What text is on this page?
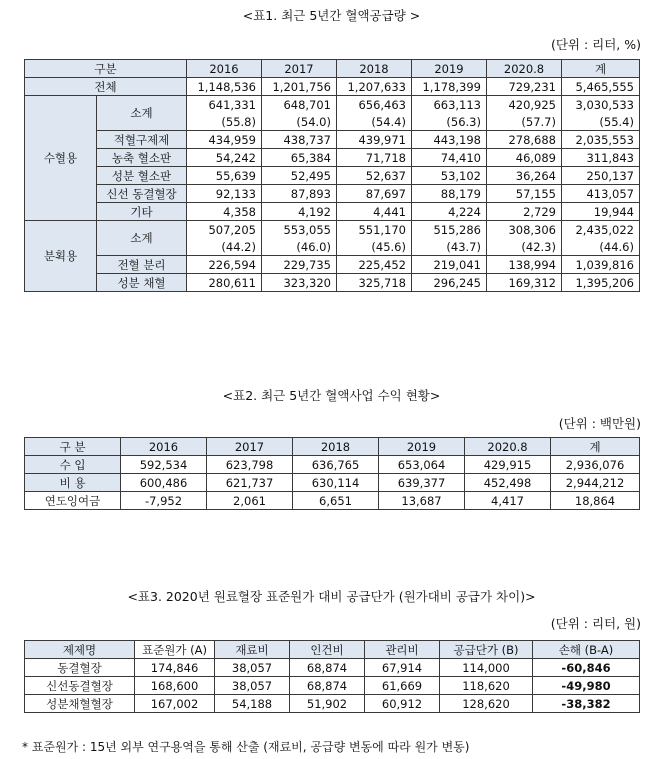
<표1. 최근 5년간 혈액공급량 >
(단위 : 리터, %)
구분		2016	2017	2018	2019	2020.8	계
전체		1,148,536	1,201,756	1,207,633	1,178,399	729,231	5,465,555
수혈용	소계	641,331	648,701	656,463	663,113	420,925	3,030,533
		(55.8)	(54.0)	(54.4)	(56.3)	(57.7)	(55.4)
	적혈구제제	434,959	438,737	439,971	443,198	278,688	2,035,553
	농축 혈소판	54,242	65,384	71,718	74,410	46,089	311,843
	성분 혈소판	55,639	52,495	52,637	53,102	36,264	250,137
	신선 동결혈장	92,133	87,893	87,697	88,179	57,155	413,057
	기타	4,358	4,192	4,441	4,224	2,729	19,944
분획용	소계	507,205	553,055	551,170	515,286	308,306	2,435,022
		(44.2)	(46.0)	(45.6)	(43.7)	(42.3)	(44.6)
	전혈 분리	226,594	229,735	225,452	219,041	138,994	1,039,816
	성분 채혈	280,611	323,320	325,718	296,245	169,312	1,395,206
<표2. 최근 5년간 혈액사업 수익 현황>
(단위 : 백만원)
구 분	2016	2017	2018	2019	2020.8	계
수 입	592,534	623,798	636,765	653,064	429,915	2,936,076
비 용	600,486	621,737	630,114	639,377	452,498	2,944,212
연도잉여금	-7,952	2,061	6,651	13,687	4,417	18,864
<표3. 2020년 원료혈장 표준원가 대비 공급단가 (원가대비 공급가 차이)>
(단위 : 리터, 원)
제제명	표준원가 (A)	재료비	인건비	관리비	공급단가 (B)	손해 (B-A)

동결혈장	174,846	38,057	68,874	67,914	114,000	-60,846
신선동결혈장	168,600	38,057	68,874	61,669	118,620	-49,980
성분채혈혈장	167,002	54,188	51,902	60,912	128,620	-38,382
* 표준원가 : 15년 외부 연구용역을 통해 산출 (재료비, 공급량 변동에 따라 원가 변동)
